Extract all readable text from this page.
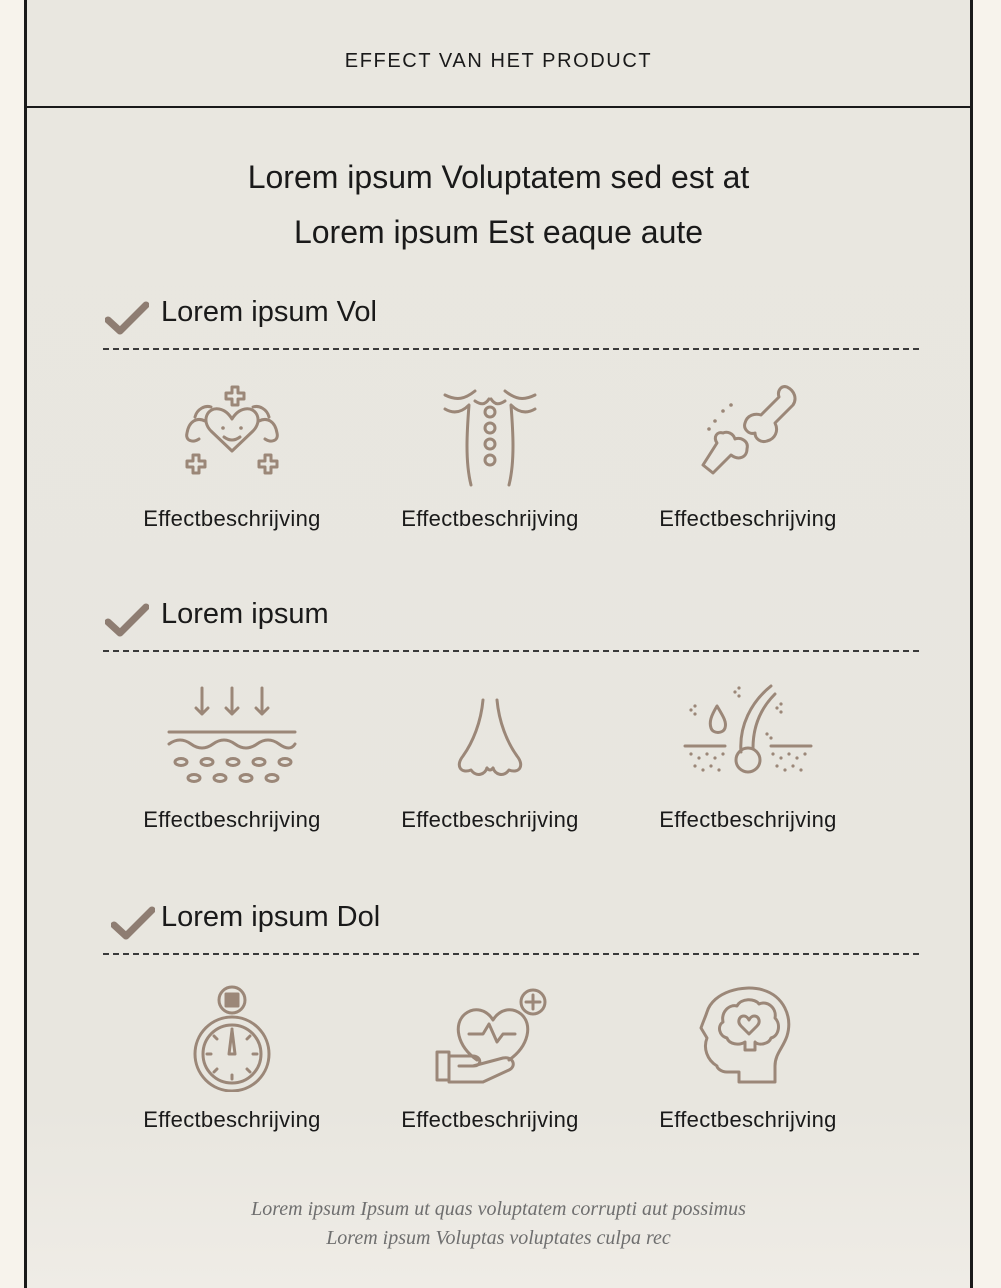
EFFECT VAN HET PRODUCT
Lorem ipsum Voluptatem sed est at
Lorem ipsum Est eaque aute
Lorem ipsum Vol
Effectbeschrijving	Effectbeschrijving	Effectbeschrijving
Lorem ipsum
Effectbeschrijving	Effectbeschrijving	Effectbeschrijving
Lorem ipsum Dol
Effectbeschrijving	Effectbeschrijving	Effectbeschrijving
Lorem ipsum Ipsum ut quas voluptatem corrupti aut possimus
Lorem ipsum Voluptas voluptates culpa rec
